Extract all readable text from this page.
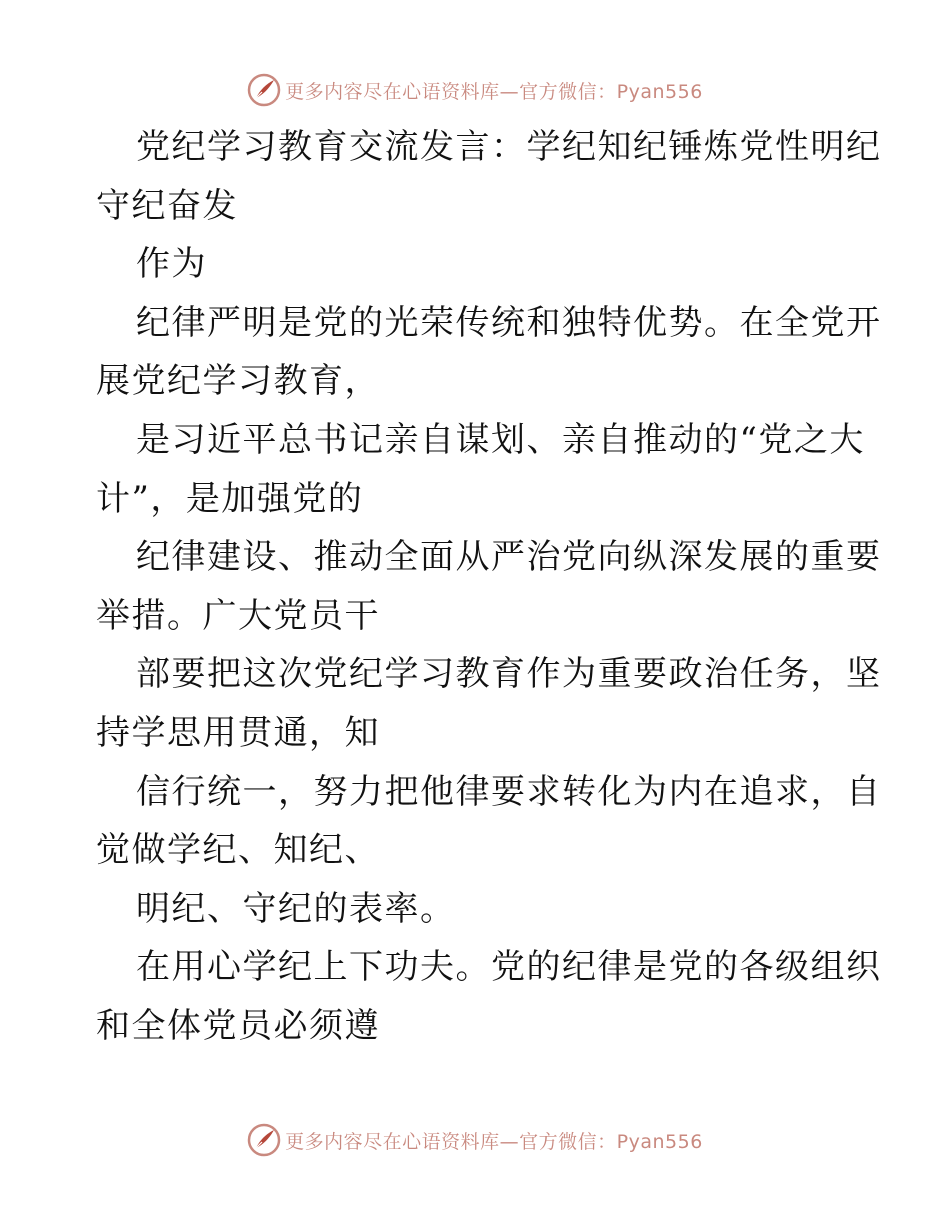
更多内容尽在心语资料库—官方微信：Pyan556
党纪学习教育交流发言：学纪知纪锤炼党性明纪
守纪奋发
作为
纪律严明是党的光荣传统和独特优势。在全党开
展党纪学习教育，
是习近平总书记亲自谋划、亲自推动的“党之大
计”，是加强党的
纪律建设、推动全面从严治党向纵深发展的重要
举措。广大党员干
部要把这次党纪学习教育作为重要政治任务，坚
持学思用贯通，知
信行统一，努力把他律要求转化为内在追求，自
觉做学纪、知纪、
明纪、守纪的表率。
在用心学纪上下功夫。党的纪律是党的各级组织
和全体党员必须遵
更多内容尽在心语资料库—官方微信：Pyan556
